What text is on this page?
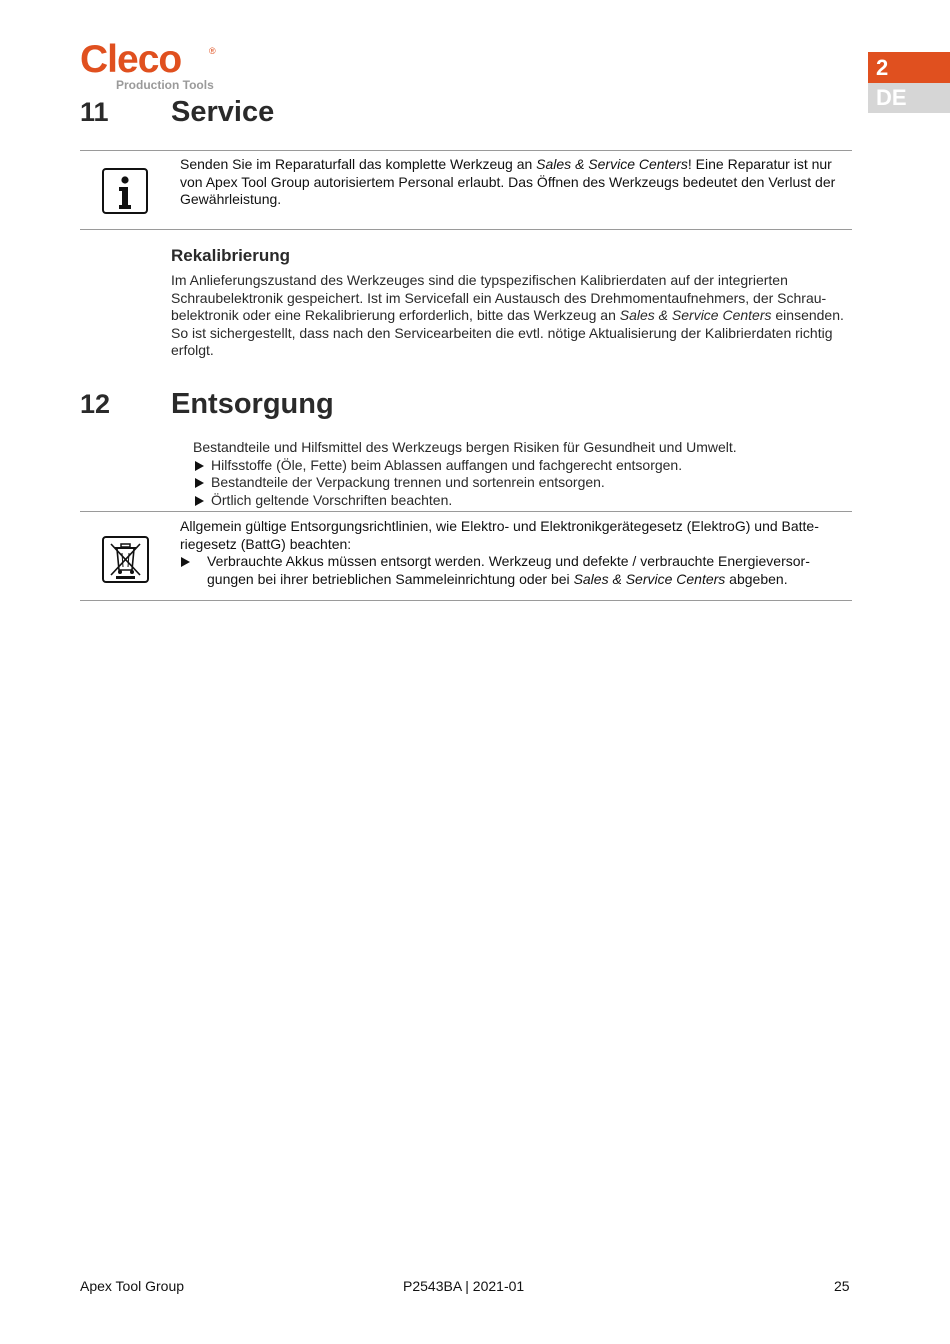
Cleco	®
Production Tools
2
DE
11 Service
Senden Sie im Reparaturfall das komplette Werkzeug an Sales & Service Centers! Eine Reparatur ist nur von Apex Tool Group autorisiertem Personal erlaubt. Das Öffnen des Werkzeugs bedeutet den Verlust der Gewährleistung.
Rekalibrierung
Im Anlieferungszustand des Werkzeuges sind die typspezifischen Kalibrierdaten auf der integrierten Schraubelektronik gespeichert. Ist im Servicefall ein Austausch des Drehmomentaufnehmers, der Schraubelektronik oder eine Rekalibrierung erforderlich, bitte das Werkzeug an Sales & Service Centers einsenden. So ist sichergestellt, dass nach den Servicearbeiten die evtl. nötige Aktualisierung der Kalibrierdaten richtig erfolgt.
12 Entsorgung
Bestandteile und Hilfsmittel des Werkzeugs bergen Risiken für Gesundheit und Umwelt.
Hilfsstoffe (Öle, Fette) beim Ablassen auffangen und fachgerecht entsorgen.
Bestandteile der Verpackung trennen und sortenrein entsorgen.
Örtlich geltende Vorschriften beachten.
Allgemein gültige Entsorgungsrichtlinien, wie Elektro- und Elektronikgerätegesetz (ElektroG) und Batteriegesetz (BattG) beachten:
Verbrauchte Akkus müssen entsorgt werden. Werkzeug und defekte / verbrauchte Energieversorgungen bei ihrer betrieblichen Sammeleinrichtung oder bei Sales & Service Centers abgeben.
Apex Tool Group	P2543BA | 2021-01	25
